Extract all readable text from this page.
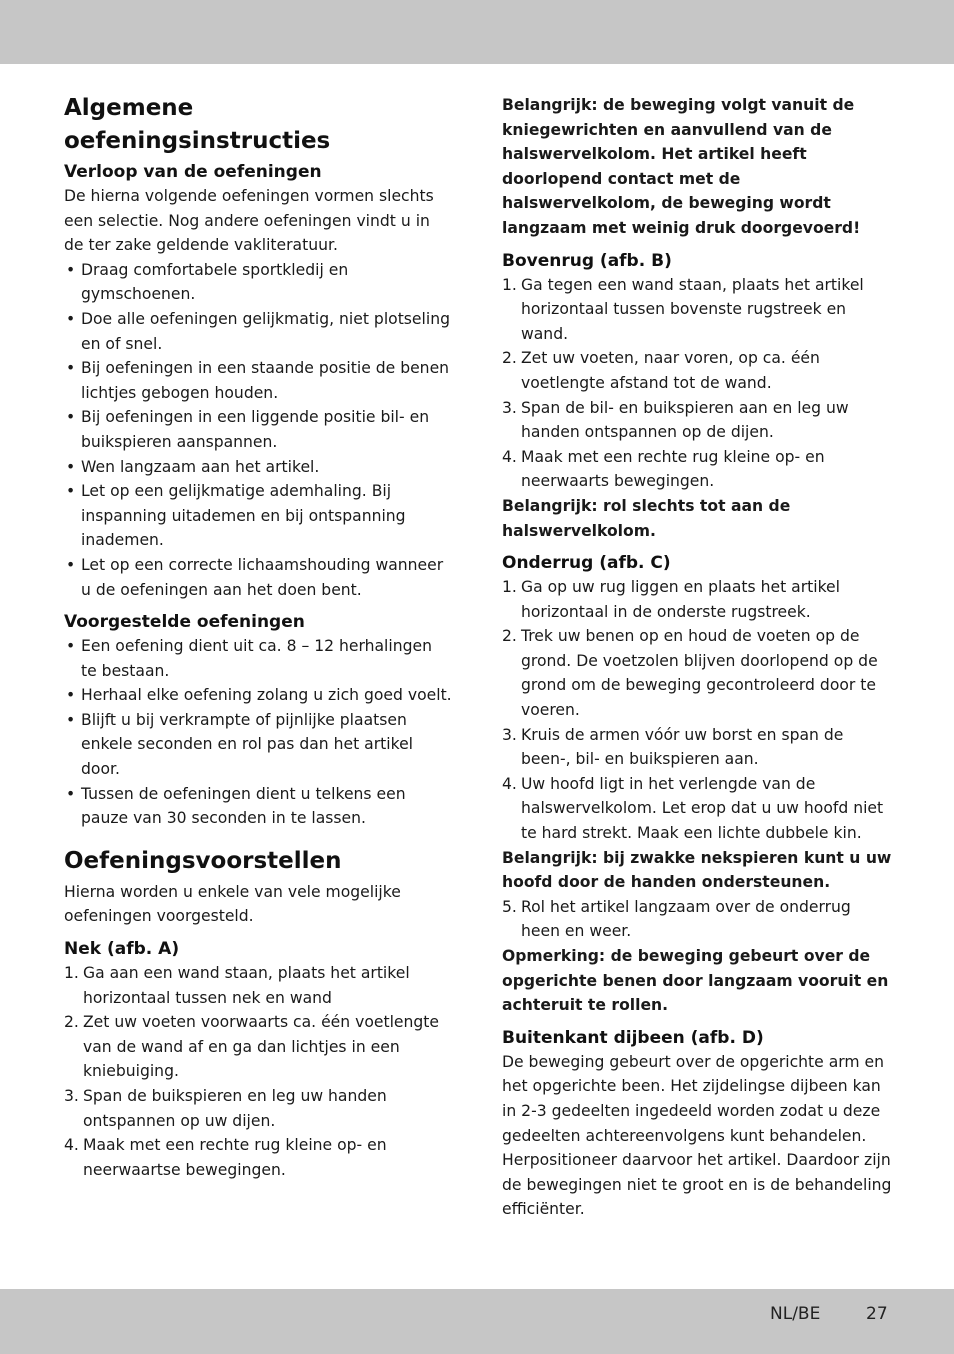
Algemene oefeningsinstructies
Verloop van de oefeningen

De hierna volgende oefeningen vormen slechts een selectie. Nog andere oefeningen vindt u in de ter zake geldende vakliteratuur.

• Draag comfortabele sportkledij en gymschoenen.
• Doe alle oefeningen gelijkmatig, niet plotseling en of snel.
• Bij oefeningen in een staande positie de benen lichtjes gebogen houden.
• Bij oefeningen in een liggende positie bil- en buikspieren aanspannen.
• Wen langzaam aan het artikel.
• Let op een gelijkmatige ademhaling. Bij inspanning uitademen en bij ontspanning inademen.
• Let op een correcte lichaamshouding wanneer u de oefeningen aan het doen bent.
Voorgestelde oefeningen
• Een oefening dient uit ca. 8 – 12 herhalingen te bestaan.
• Herhaal elke oefening zolang u zich goed voelt.
• Blijft u bij verkrampte of pijnlijke plaatsen enkele seconden en rol pas dan het artikel door.
• Tussen de oefeningen dient u telkens een pauze van 30 seconden in te lassen.
Oefeningsvoorstellen

Hierna worden u enkele van vele mogelijke oefeningen voorgesteld.

Nek (afb. A)
1. Ga aan een wand staan, plaats het artikel horizontaal tussen nek en wand
2. Zet uw voeten voorwaarts ca. één voetlengte van de wand af en ga dan lichtjes in een kniebuiging.
3. Span de buikspieren en leg uw handen ontspannen op uw dijen.
4. Maak met een rechte rug kleine op- en neerwaartse bewegingen.

Belangrijk: de beweging volgt vanuit de kniegewrichten en aanvullend van de halswervelkolom. Het artikel heeft doorlopend contact met de halswervelkolom, de beweging wordt langzaam met weinig druk doorgevoerd!

Bovenrug (afb. B)
1. Ga tegen een wand staan, plaats het artikel horizontaal tussen bovenste rugstreek en wand.
2. Zet uw voeten, naar voren, op ca. één voetlengte afstand tot de wand.
3. Span de bil- en buikspieren aan en leg uw handen ontspannen op de dijen.
4. Maak met een rechte rug kleine op- en neerwaarts bewegingen.

Belangrijk: rol slechts tot aan de halswervelkolom.

Onderrug (afb. C)
1. Ga op uw rug liggen en plaats het artikel horizontaal in de onderste rugstreek.
2. Trek uw benen op en houd de voeten op de grond. De voetzolen blijven doorlopend op de grond om de beweging gecontroleerd door te voeren.
3. Kruis de armen vóór uw borst en span de been-, bil- en buikspieren aan.
4. Uw hoofd ligt in het verlengde van de halswervelkolom. Let erop dat u uw hoofd niet te hard strekt. Maak een lichte dubbele kin.

Belangrijk: bij zwakke nekspieren kunt u uw hoofd door de handen ondersteunen.

5. Rol het artikel langzaam over de onderrug heen en weer.

Opmerking: de beweging gebeurt over de opgerichte benen door langzaam vooruit en achteruit te rollen.

Buitenkant dijbeen (afb. D)

De beweging gebeurt over de opgerichte arm en het opgerichte been. Het zijdelingse dijbeen kan in 2-3 gedeelten ingedeeld worden zodat u deze gedeelten achtereenvolgens kunt behandelen. Herpositioneer daarvoor het artikel. Daardoor zijn de bewegingen niet te groot en is de behandeling efficiënter.

NL/BE	27
